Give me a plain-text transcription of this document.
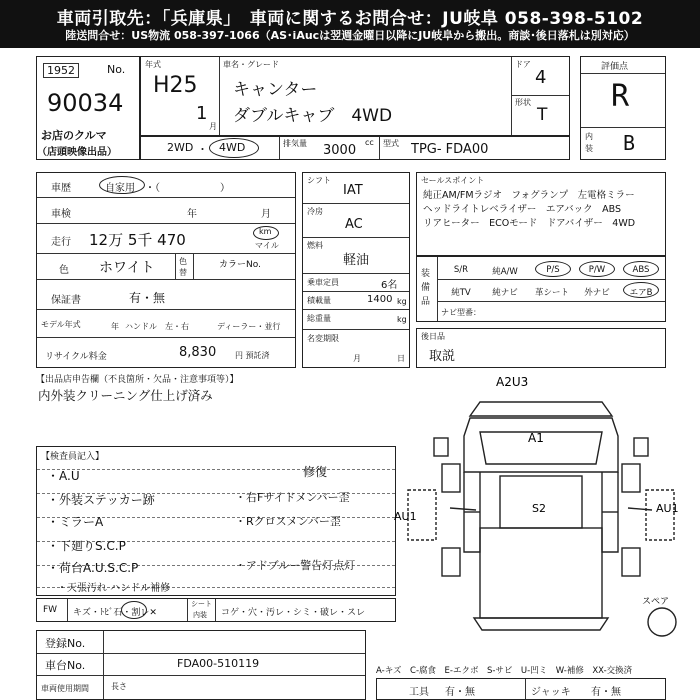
車両引取先：「兵庫県」　車両に関するお問合せ：JU岐阜 058-398-5102
陸送問合せ：US物流 058-397-1066（AS･iAucは翌週金曜日以降にJU岐阜から搬出。商談･後日落札は別対応）
1952	No.
90034
お店のクルマ
（店頭映像出品）
年式
H25
1
月
車名・グレード
キャンター
ダブルキャブ　4WD
ドア
4
形状
T
評価点
R
内
装 B
2WD ・ 4WD	排気量	cc
3000	型式 TPG- FDA00
車歴	自家用 ・（　　　　　　）
車検	年	月
走行 12万 5千 470	km
マイル
色 ホワイト	色
替
カラーNo.
保証書	有・無
モデル年式	年 ハンドル　左・右	ディーラー・並行
リサイクル料金	8,830 円 預託済
シフト
IAT
冷房
AC
燃料
軽油
乗車定員	6名
積載量	1400 kg
総重量	kg
名変期限
月	日
セールスポイント
純正AM/FMラジオ　フォグランプ　左電格ミラー
ヘッドライトレベライザー　エアバック　ABS
リアヒーター　ECOモード　ドアバイザー　4WD
装備品
S/R	純A/W	P/S	P/W	ABS
純TV	純ナビ	革シート	外ナビ	エアB
ナビ型番：
後日品
取説
【出品店申告欄（不良箇所・欠品・注意事項等）】
内外装クリーニング仕上げ済み
【検査員記入】
・A.U
・外装ステッカー跡
・ミラーA
・下廻りS.C.P
・荷台A.U.S.C.P
・天張汚れ ハンドル補修
修復
・右Fサイドメンバー歪
・Rクロスメンバー歪
・アドブルー警告灯点灯
FW キズ・ﾄﾋﾞ石・割レ✕
シート
内装 コゲ・穴・汚レ・シミ・破レ・スレ
A2U3
A1
S2
AU1
AU1
スペア
登録No.
車台No.	FDA00-510119
車両使用期間	長さ
A-キズ　C-腐食　E-エクボ　S-サビ　U-凹ミ　W-補修　XX-交換済
工具 有・無	ジャッキ 有・無
